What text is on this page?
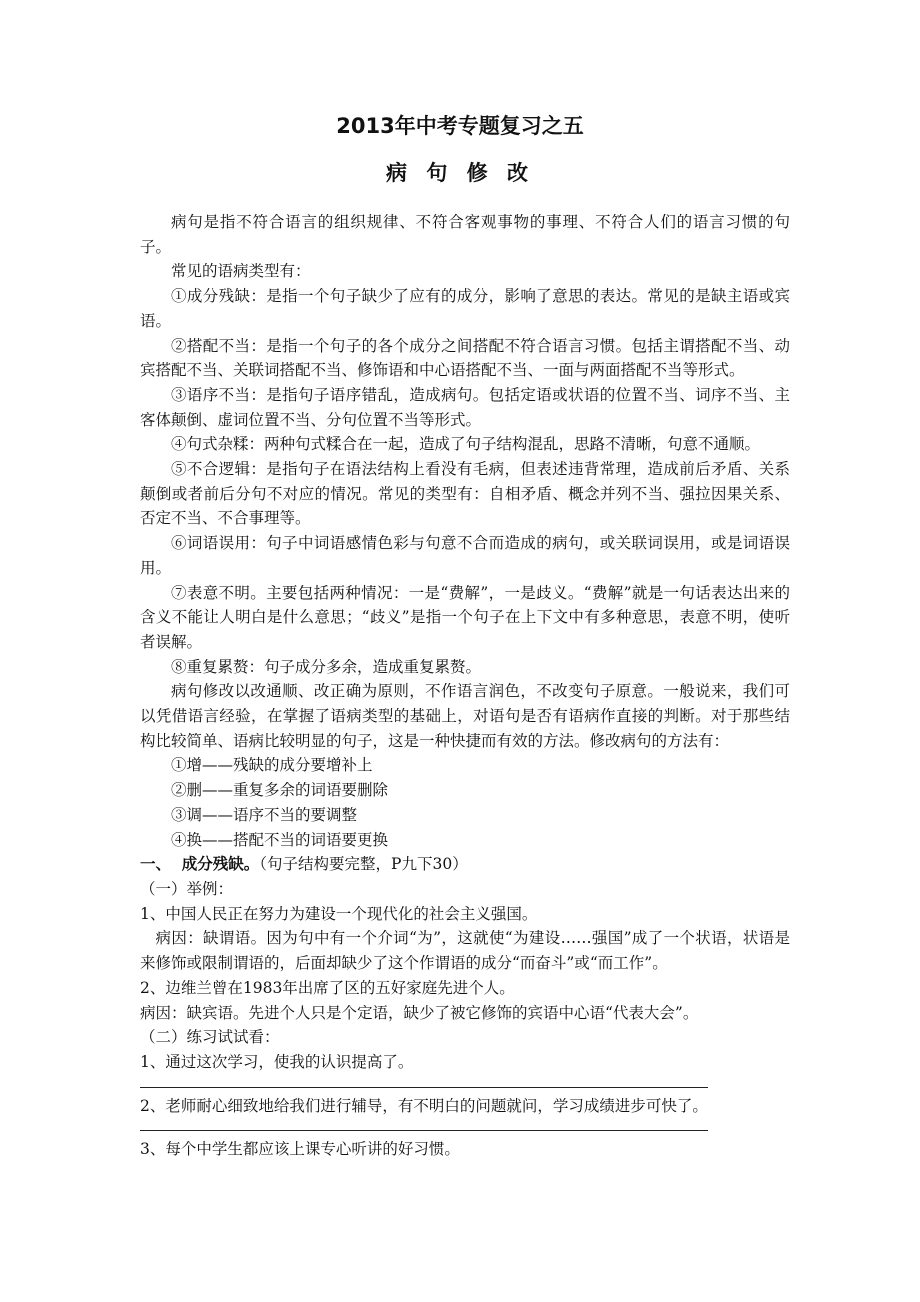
2013年中考专题复习之五
病 句 修 改

病句是指不符合语言的组织规律、不符合客观事物的事理、不符合人们的语言习惯的句子。

常见的语病类型有：

①成分残缺：是指一个句子缺少了应有的成分，影响了意思的表达。常见的是缺主语或宾语。

②搭配不当：是指一个句子的各个成分之间搭配不符合语言习惯。包括主谓搭配不当、动宾搭配不当、关联词搭配不当、修饰语和中心语搭配不当、一面与两面搭配不当等形式。

③语序不当：是指句子语序错乱，造成病句。包括定语或状语的位置不当、词序不当、主客体颠倒、虚词位置不当、分句位置不当等形式。

④句式杂糅：两种句式糅合在一起，造成了句子结构混乱，思路不清晰，句意不通顺。

⑤不合逻辑：是指句子在语法结构上看没有毛病，但表述违背常理，造成前后矛盾、关系颠倒或者前后分句不对应的情况。常见的类型有：自相矛盾、概念并列不当、强拉因果关系、否定不当、不合事理等。

⑥词语误用：句子中词语感情色彩与句意不合而造成的病句，或关联词误用，或是词语误用。

⑦表意不明。主要包括两种情况：一是“费解”，一是歧义。“费解”就是一句话表达出来的含义不能让人明白是什么意思；“歧义”是指一个句子在上下文中有多种意思，表意不明，使听者误解。

⑧重复累赘：句子成分多余，造成重复累赘。

病句修改以改通顺、改正确为原则，不作语言润色，不改变句子原意。一般说来，我们可以凭借语言经验，在掌握了语病类型的基础上，对语句是否有语病作直接的判断。对于那些结构比较简单、语病比较明显的句子，这是一种快捷而有效的方法。修改病句的方法有：

①增——残缺的成分要增补上

②删——重复多余的词语要删除

③调——语序不当的要调整

④换——搭配不当的词语要更换

一、  成分残缺。（句子结构要完整，P九下30）

（一）举例：

1、中国人民正在努力为建设一个现代化的社会主义强国。

病因：缺谓语。因为句中有一个介词“为”，这就使“为建设……强国”成了一个状语，状语是来修饰或限制谓语的，后面却缺少了这个作谓语的成分“而奋斗”或“而工作”。

2、边维兰曾在1983年出席了区的五好家庭先进个人。

病因：缺宾语。先进个人只是个定语，缺少了被它修饰的宾语中心语“代表大会”。

（二）练习试试看：

1、通过这次学习，使我的认识提高了。

2、老师耐心细致地给我们进行辅导，有不明白的问题就问，学习成绩进步可快了。

3、每个中学生都应该上课专心听讲的好习惯。
